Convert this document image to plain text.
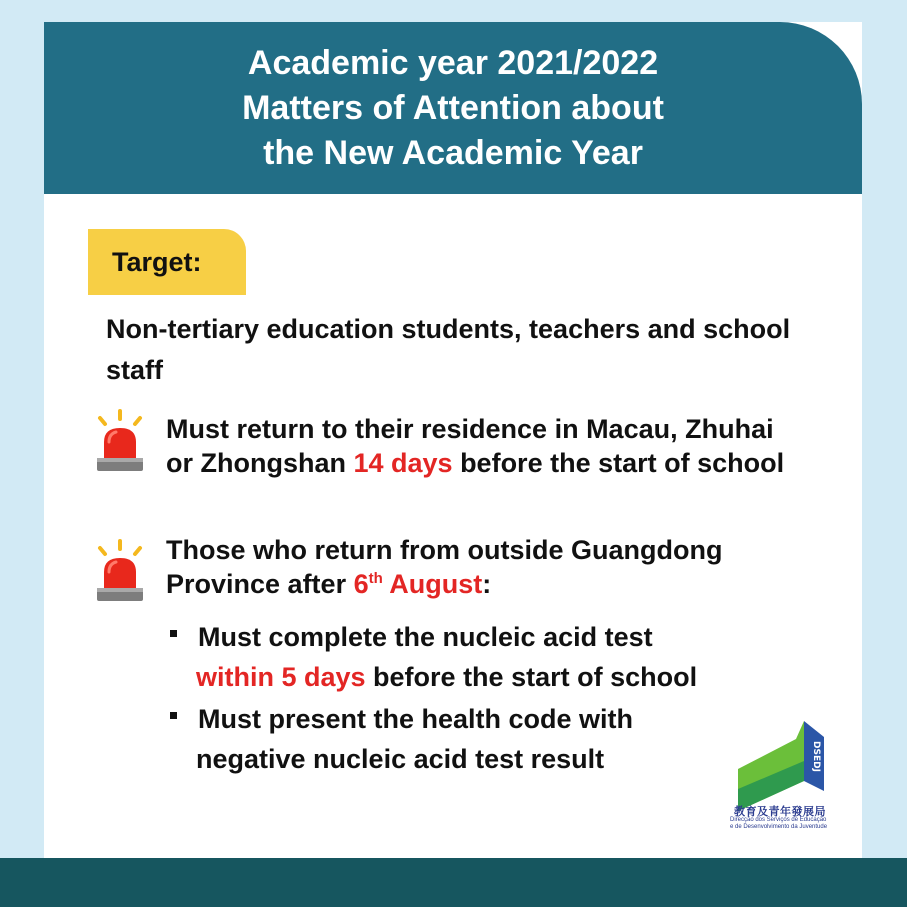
Academic year 2021/2022
Matters of Attention about
the New Academic Year
Target:
Non-tertiary education students, teachers and school staff
Must return to their residence in Macau, Zhuhai or Zhongshan 14 days before the start of school
Those who return from outside Guangdong Province after 6th August:
Must complete the nucleic acid test
within 5 days before the start of school
Must present the health code with
negative nucleic acid test result	DSEDJ
教育及青年發展局
Direcção dos Serviços de Educação
e de Desenvolvimento da Juventude
